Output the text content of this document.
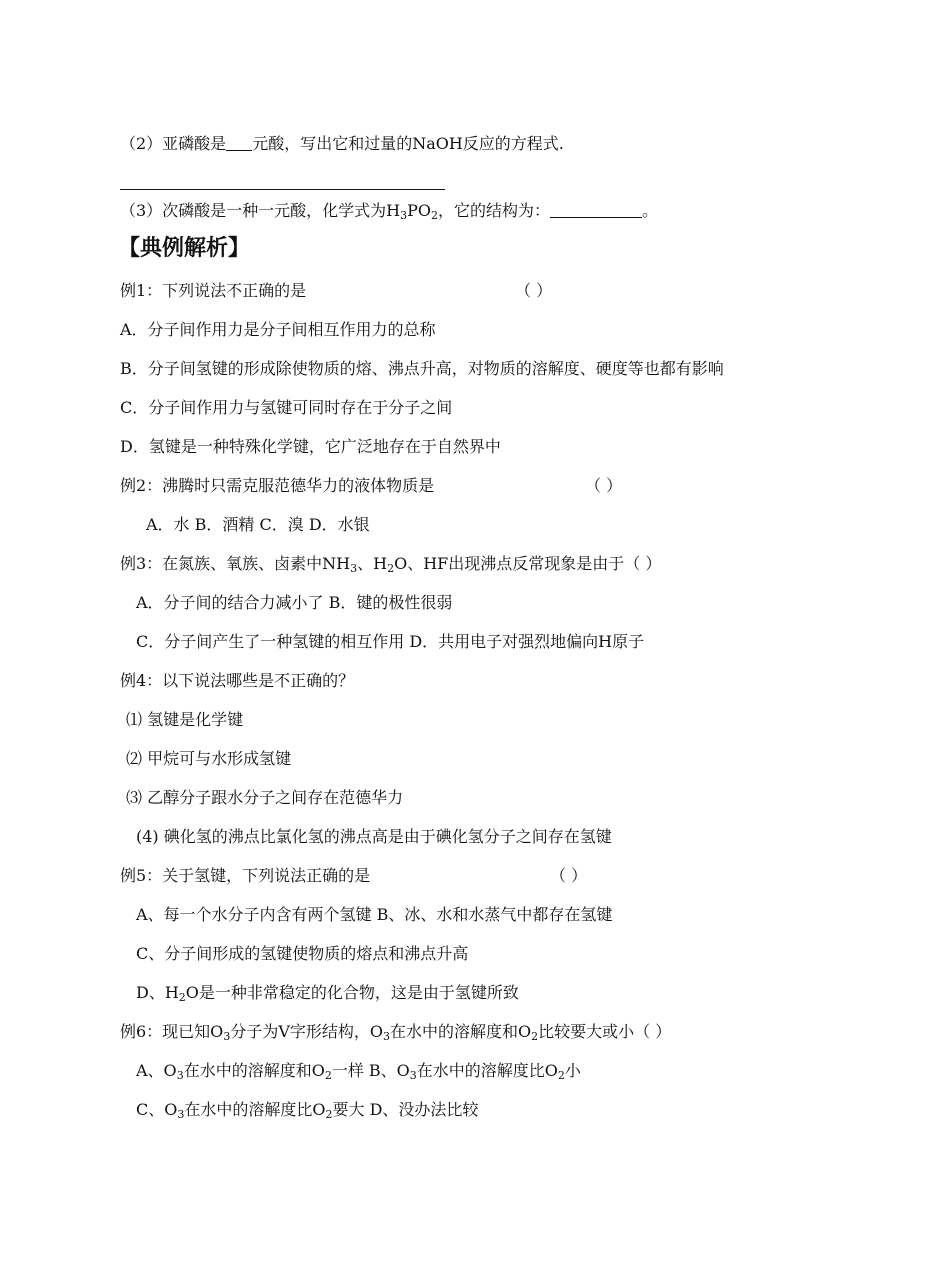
（2）亚磷酸是 元酸，写出它和过量的NaOH反应的方程式.
（3）次磷酸是一种一元酸，化学式为$H_3PO_2$，它的结构为：	。
【典例解析】
例1：下列说法不正确的是	（ ）
A．分子间作用力是分子间相互作用力的总称
B．分子间氢键的形成除使物质的熔、沸点升高，对物质的溶解度、硬度等也都有影响
C．分子间作用力与氢键可同时存在于分子之间
D．氢键是一种特殊化学键，它广泛地存在于自然界中
例2：沸腾时只需克服范德华力的液体物质是	（ ）
A．水 B．酒精 C．溴 D．水银
例3：在氮族、氧族、卤素中$NH_3$、$H_2O$、HF出现沸点反常现象是由于（ ）
A．分子间的结合力减小了 B．键的极性很弱
C．分子间产生了一种氢键的相互作用 D．共用电子对强烈地偏向H原子
例4：以下说法哪些是不正确的？
⑴ 氢键是化学键
⑵ 甲烷可与水形成氢键
⑶ 乙醇分子跟水分子之间存在范德华力
(4) 碘化氢的沸点比氯化氢的沸点高是由于碘化氢分子之间存在氢键
例5：关于氢键，下列说法正确的是	（ ）
A、每一个水分子内含有两个氢键 B、冰、水和水蒸气中都存在氢键
C、分子间形成的氢键使物质的熔点和沸点升高
D、$H_2O$是一种非常稳定的化合物，这是由于氢键所致
例6：现已知$O_3$分子为V字形结构，$O_3$在水中的溶解度和$O_2$比较要大或小（ ）
A、$O_3$在水中的溶解度和$O_2$一样 B、$O_3$在水中的溶解度比$O_2$小
C、$O_3$在水中的溶解度比$O_2$要大 D、没办法比较
